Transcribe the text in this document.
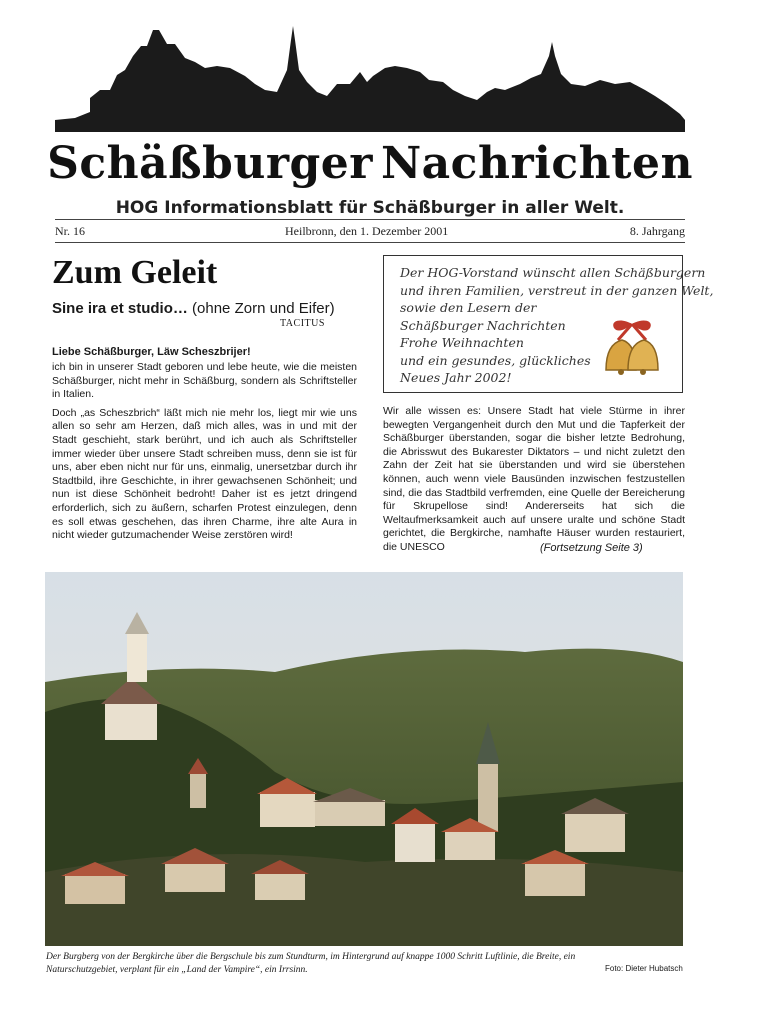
Schäßburger Nachrichten
HOG Informationsblatt für Schäßburger in aller Welt.
Nr. 16	Heilbronn, den 1. Dezember 2001	8. Jahrgang
Zum Geleit
Sine ira et studio… (ohne Zorn und Eifer)
TACITUS
Liebe Schäßburger, Läw Scheszbrijer!

ich bin in unserer Stadt geboren und lebe heute, wie die meisten Schäßburger, nicht mehr in Schäßburg, sondern als Schriftsteller in Italien.

Doch „as Scheszbrich“ läßt mich nie mehr los, liegt mir wie uns allen so sehr am Herzen, daß mich alles, was in und mit der Stadt geschieht, stark berührt, und ich auch als Schriftsteller immer wieder über unsere Stadt schreiben muss, denn sie ist für uns, aber eben nicht nur für uns, einmalig, unersetzbar durch ihr Stadtbild, ihre Geschichte, in ihrer gewachsenen Schönheit; und nun ist diese Schönheit bedroht! Daher ist es jetzt dringend erforderlich, sich zu äußern, scharfen Protest einzulegen, denn es soll etwas geschehen, das ihren Charme, ihre alte Aura in nicht wieder gutzumachender Weise zerstören wird!

Der HOG-Vorstand wünscht allen Schäßburgern
und ihren Familien, verstreut in der ganzen Welt,
sowie den Lesern der
Schäßburger Nachrichten
Frohe Weihnachten
und ein gesundes, glückliches
Neues Jahr 2002!

Wir alle wissen es: Unsere Stadt hat viele Stürme in ihrer bewegten Vergangenheit durch den Mut und die Tapferkeit der Schäßburger überstanden, sogar die bisher letzte Bedrohung, die Abrisswut des Bukarester Diktators – und nicht zuletzt den Zahn der Zeit hat sie überstanden und wird sie überstehen können, auch wenn viele Bausünden inzwischen festzustellen sind, die das Stadtbild verfremden, eine Quelle der Bereicherung für Skrupellose sind! Andererseits hat sich die Weltaufmerksamkeit auch auf unsere uralte und schöne Stadt gerichtet, die Bergkirche, namhafte Häuser wurden restauriert, die UNESCO	(Fortsetzung Seite 3)
Der Burgberg von der Bergkirche über die Bergschule bis zum Stundturm, im Hintergrund auf knappe 1000 Schritt Luftlinie, die Breite, ein Naturschutzgebiet, verplant für ein „Land der Vampire“, ein Irrsinn.	Foto: Dieter Hubatsch
